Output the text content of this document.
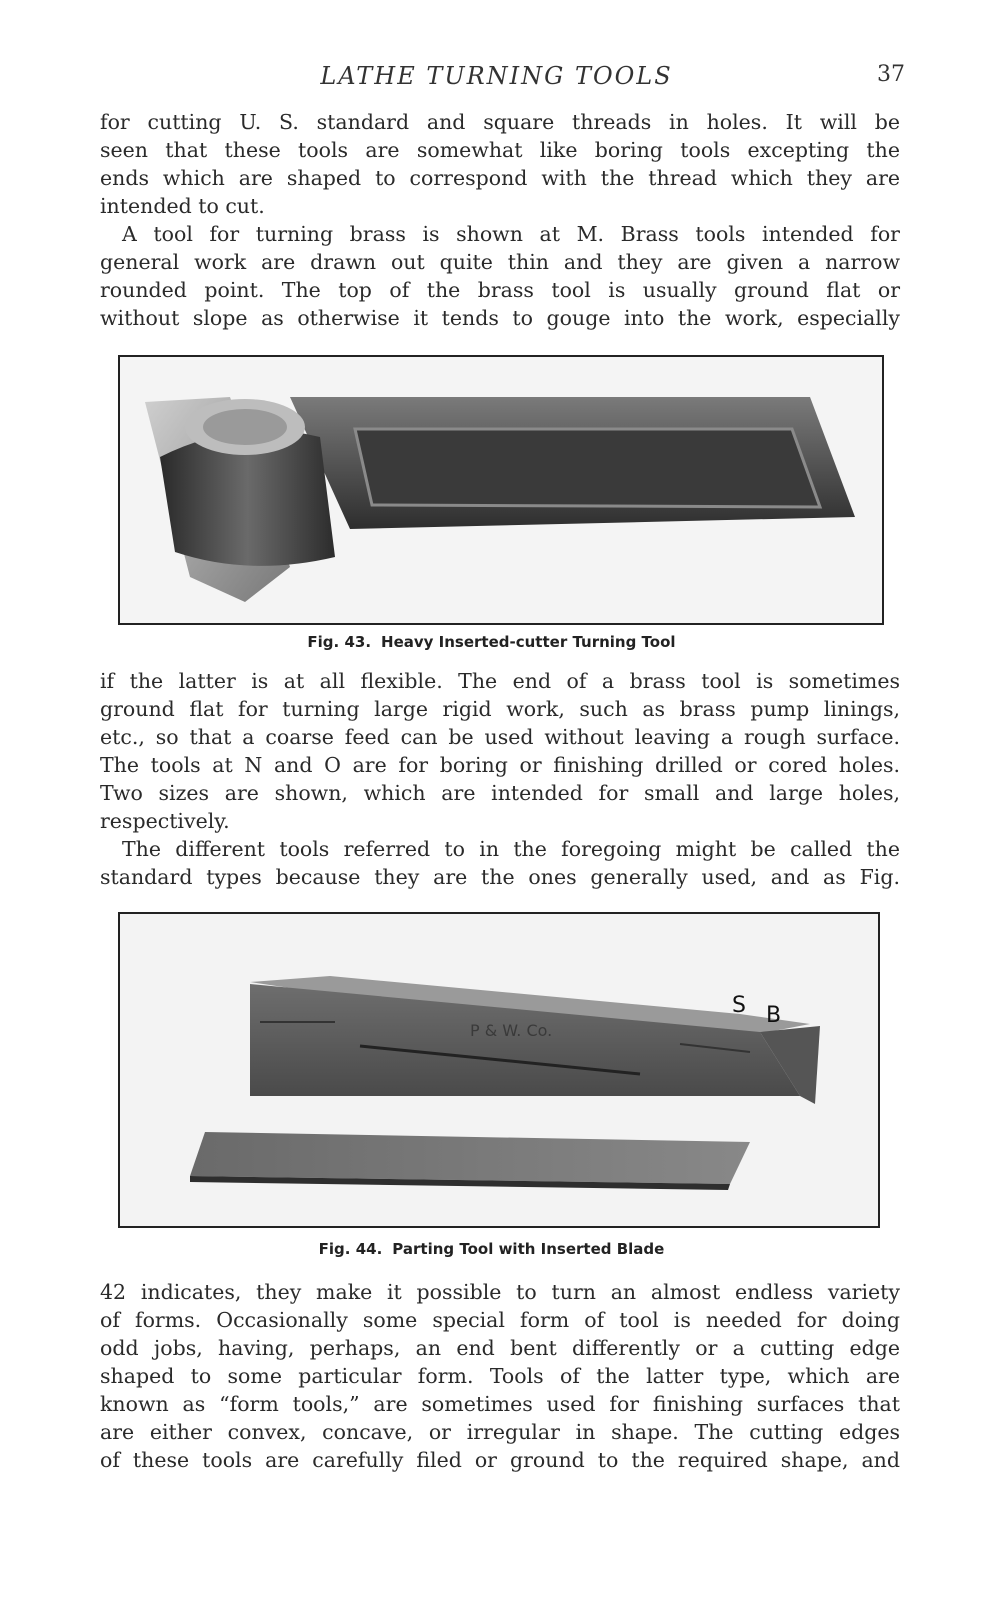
LATHE TURNING TOOLS	37
for cutting U. S. standard and square threads in holes. It will be
seen that these tools are somewhat like boring tools excepting the
ends which are shaped to correspond with the thread which they are
intended to cut.
A tool for turning brass is shown at M. Brass tools intended for
general work are drawn out quite thin and they are given a narrow
rounded point. The top of the brass tool is usually ground flat or
without slope as otherwise it tends to gouge into the work, especially
Fig. 43. Heavy Inserted-cutter Turning Tool
if the latter is at all flexible. The end of a brass tool is sometimes
ground flat for turning large rigid work, such as brass pump linings,
etc., so that a coarse feed can be used without leaving a rough surface.
The tools at N and O are for boring or finishing drilled or cored holes.
Two sizes are shown, which are intended for small and large holes,
respectively.
The different tools referred to in the foregoing might be called the
standard types because they are the ones generally used, and as Fig.
P & W. Co.
S B
Fig. 44. Parting Tool with Inserted Blade
42 indicates, they make it possible to turn an almost endless variety
of forms. Occasionally some special form of tool is needed for doing
odd jobs, having, perhaps, an end bent differently or a cutting edge
shaped to some particular form. Tools of the latter type, which are
known as “form tools,” are sometimes used for finishing surfaces that
are either convex, concave, or irregular in shape. The cutting edges
of these tools are carefully filed or ground to the required shape, and
